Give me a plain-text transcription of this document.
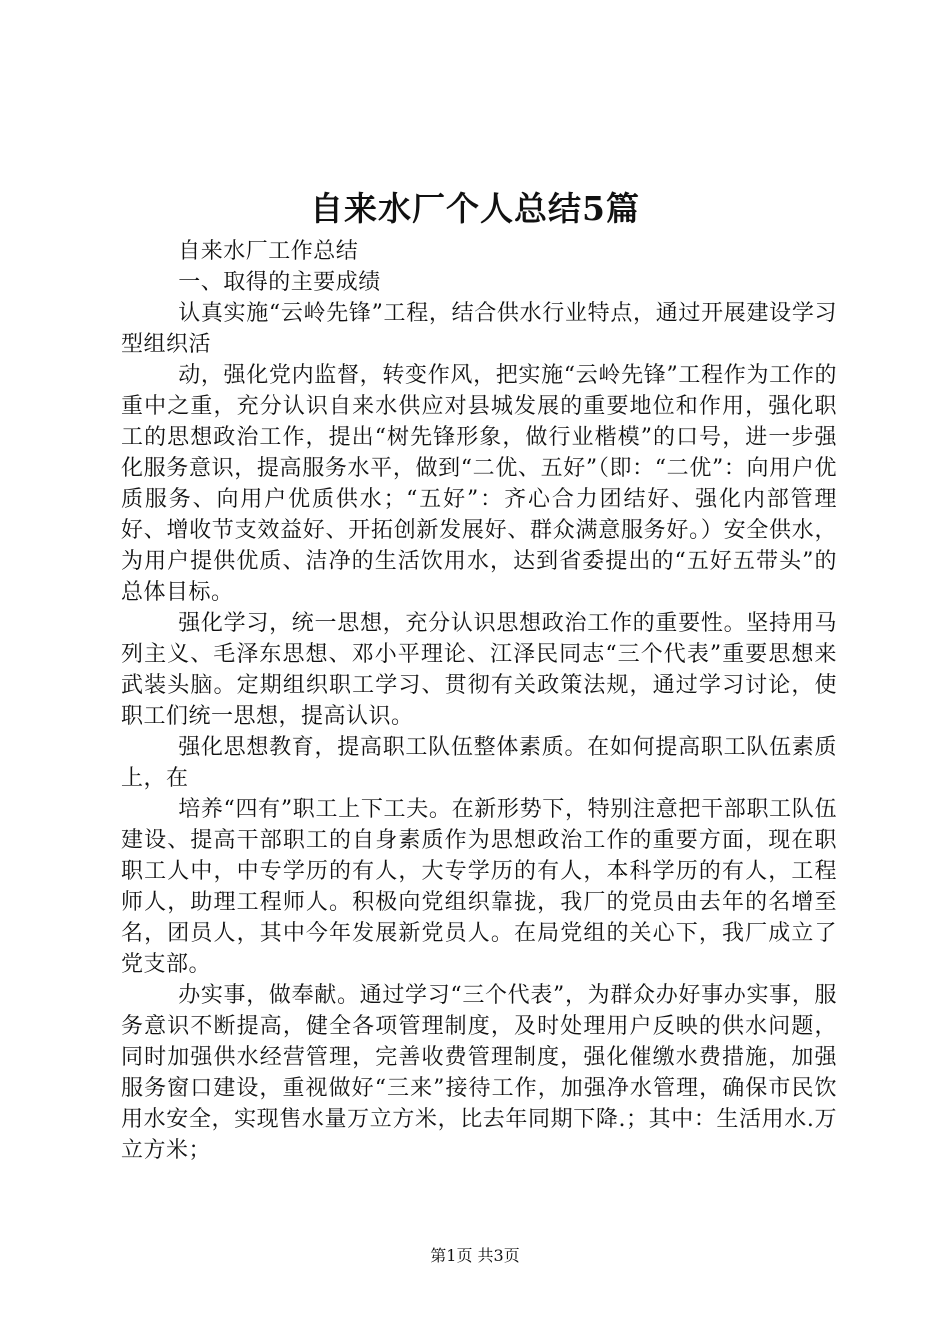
自来水厂个人总结5篇

自来水厂工作总结

一、取得的主要成绩

认真实施“云岭先锋”工程，结合供水行业特点，通过开展建设学习型组织活

动，强化党内监督，转变作风，把实施“云岭先锋”工程作为工作的重中之重，充分认识自来水供应对县城发展的重要地位和作用，强化职工的思想政治工作，提出“树先锋形象，做行业楷模”的口号，进一步强化服务意识，提高服务水平，做到“二优、五好”（即：“二优”：向用户优质服务、向用户优质供水；“五好”：齐心合力团结好、强化内部管理好、增收节支效益好、开拓创新发展好、群众满意服务好。）安全供水，为用户提供优质、洁净的生活饮用水，达到省委提出的“五好五带头”的总体目标。

强化学习，统一思想，充分认识思想政治工作的重要性。坚持用马列主义、毛泽东思想、邓小平理论、江泽民同志“三个代表”重要思想来武装头脑。定期组织职工学习、贯彻有关政策法规，通过学习讨论，使职工们统一思想，提高认识。

强化思想教育，提高职工队伍整体素质。在如何提高职工队伍素质上，在

培养“四有”职工上下工夫。在新形势下，特别注意把干部职工队伍建设、提高干部职工的自身素质作为思想政治工作的重要方面，现在职职工人中，中专学历的有人，大专学历的有人，本科学历的有人，工程师人，助理工程师人。积极向党组织靠拢，我厂的党员由去年的名增至名，团员人，其中今年发展新党员人。在局党组的关心下，我厂成立了党支部。

办实事，做奉献。通过学习“三个代表”，为群众办好事办实事，服务意识不断提高，健全各项管理制度，及时处理用户反映的供水问题，同时加强供水经营管理，完善收费管理制度，强化催缴水费措施，加强服务窗口建设，重视做好“三来”接待工作，加强净水管理，确保市民饮用水安全，实现售水量万立方米，比去年同期下降.；其中：生活用水.万立方米；

第1页 共3页
